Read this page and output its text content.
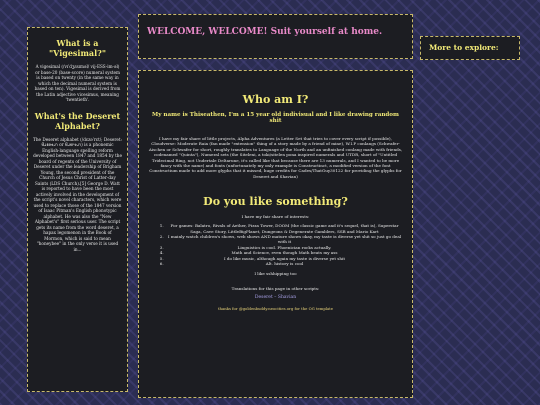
What is a "Vigesimal?"
A vigesimal (/vɪˈdʒɛsɪməl/ vij-ESS-im-əl) or base-20 (base-score) numeral system is based on twenty (in the same way in which the decimal numeral system is based on ten). Vigesimal is derived from the Latin adjective vicesimus, meaning 'twentieth'.
What's the Deseret Alphabet?
The Deseret alphabet (/dɛzəˈrɛt/; Deseret: 𐐔𐐯𐑅𐐨𐑉𐐯𐐻 or 𐐔𐐯𐑆𐐲𐑉𐐯𐐻) is a phonemic English-language spelling reform developed between 1847 and 1854 by the board of regents of the University of Deseret under the leadership of Brigham Young, the second president of the Church of Jesus Christ of Latter-day Saints (LDS Church).[5] George D. Watt is reported to have been the most actively involved in the development of the script's novel characters, which were used to replace those of the 1847 version of Isaac Pitman's English phonotypic alphabet. He was also the "New Alphabet's" first serious user. The script gets its name from the word deseret, a hapax legomenon in the Book of Mormon, which is said to mean "honeybee" in the only verse it is used in...
WELCOME, WELCOME! Suit yourself at home.
More to explore:
Who am I?
My name is Thiseathen, I'm a 15 year old indivisual and I like drawing random shit
I have my fair share of little projects, Alpha Adventures (a Letter Set that tries to cover every script if possible), Cloudverse: Moderate Raia (fan made "extension" thing of a story made by a friend of mine), W.I.P conlangs (Schwafer-Aischen or Schwafer for short, roughly translates to Language of the North and an unfinished conlang made with friends, codenamed "Quinta"), Numeral sets (the Siteleni, a toki/sitelen pona inspired numerals and UTDR, short of "Untitled Tridecimal Ring, not Undertale Deltarune, it's called like that because there are 13 numerals, and I wanted to be more fancy with the name) and fonts (unfortunately my only example is Constructinct, a modified version of the font Constructium made to add more glyphs that it missed, huge credits for Cades/ThatGuy30122 for providing the glyphs for Deseret and Shavian)
Do you like something?
I have my fair share of interests:
1. For games: Balatro, Rivals of Aether, Pizza Tower, DOOM (the classic game and it's sequel, that is), Superstar Saga, Cave Story, LittleBigPlanet, Dungeons & Degenerate Gamblers, SSB and Mario Kart
2. I mainly watch children's shows, web shows AND mature shows okay, my taste is diverse yet shit so just go deal with it
3. Linguistics is cool. Phoenician rocks actually.
4. Math and Science, even though Math beats my ass
5. I do like music, although again my taste is diverse yet shit
6. Alt. history is cool
I like sshhipping too
Translations for this page in other scripts:
Deseret – Shavian
thanks for @goldenbuddy.neocities.org for the OG template
